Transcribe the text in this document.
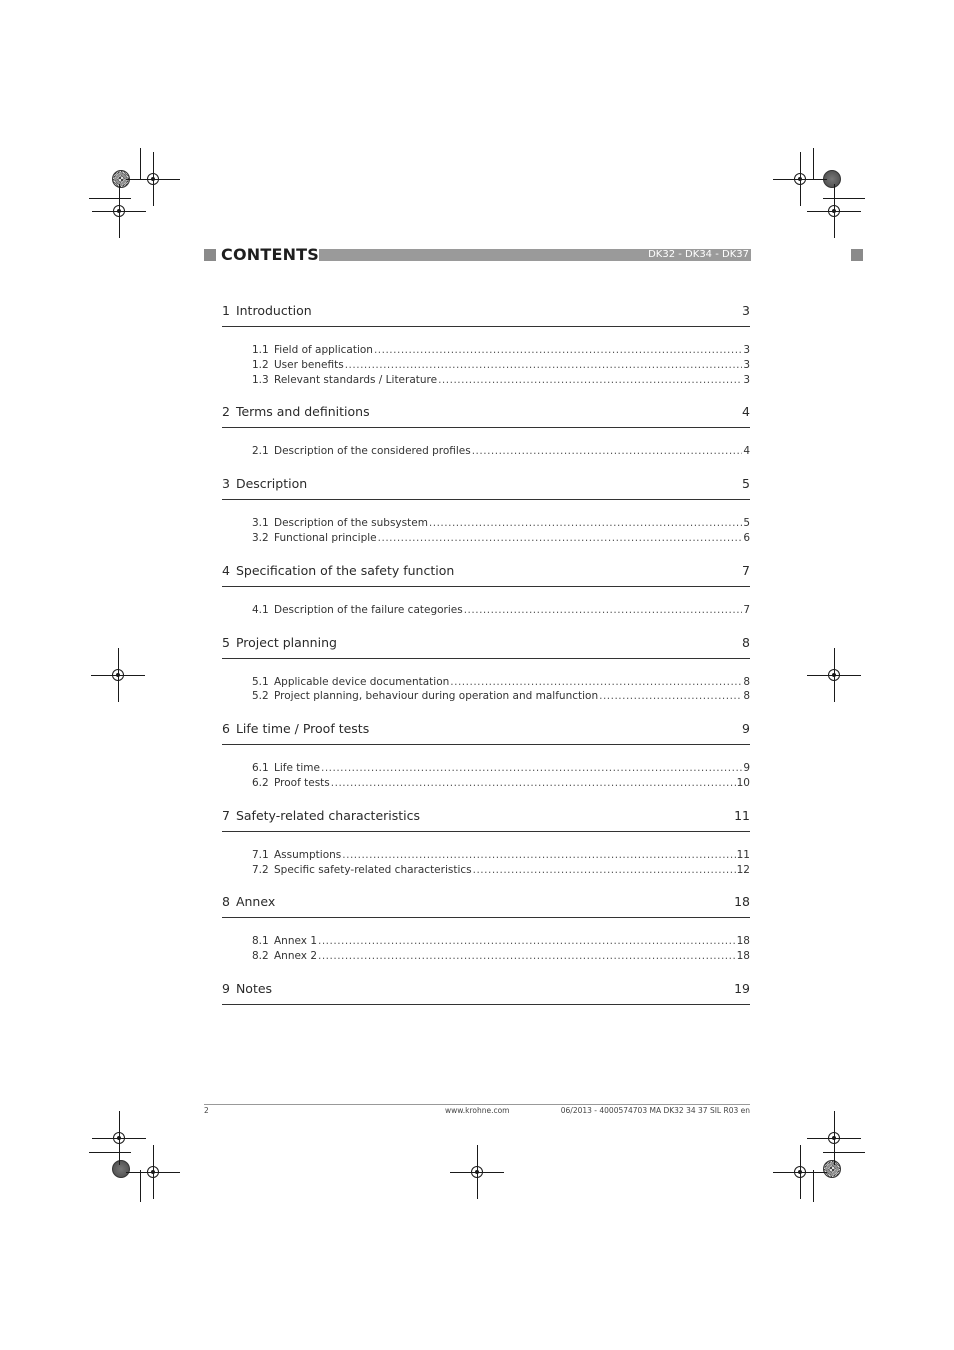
CONTENTS	DK32 - DK34 - DK37
1 Introduction	3
1.1 Field of application .....	3
1.2 User benefits .....	3
1.3 Relevant standards / Literature .....	3
2 Terms and definitions	4
2.1 Description of the considered profiles .....	4
3 Description	5
3.1 Description of the subsystem .....	5
3.2 Functional principle .....	6
4 Specification of the safety function	7
4.1 Description of the failure categories .....	7
5 Project planning	8
5.1 Applicable device documentation .....	8
5.2 Project planning, behaviour during operation and malfunction .....	8
6 Life time / Proof tests	9
6.1 Life time .....	9
6.2 Proof tests .....	10
7 Safety-related characteristics	11
7.1 Assumptions .....	11
7.2 Specific safety-related characteristics .....	12
8 Annex	18
8.1 Annex 1 .....	18
8.2 Annex 2 .....	18
9 Notes	19
2	www.krohne.com	06/2013 - 4000574703 MA DK32 34 37 SIL R03 en
